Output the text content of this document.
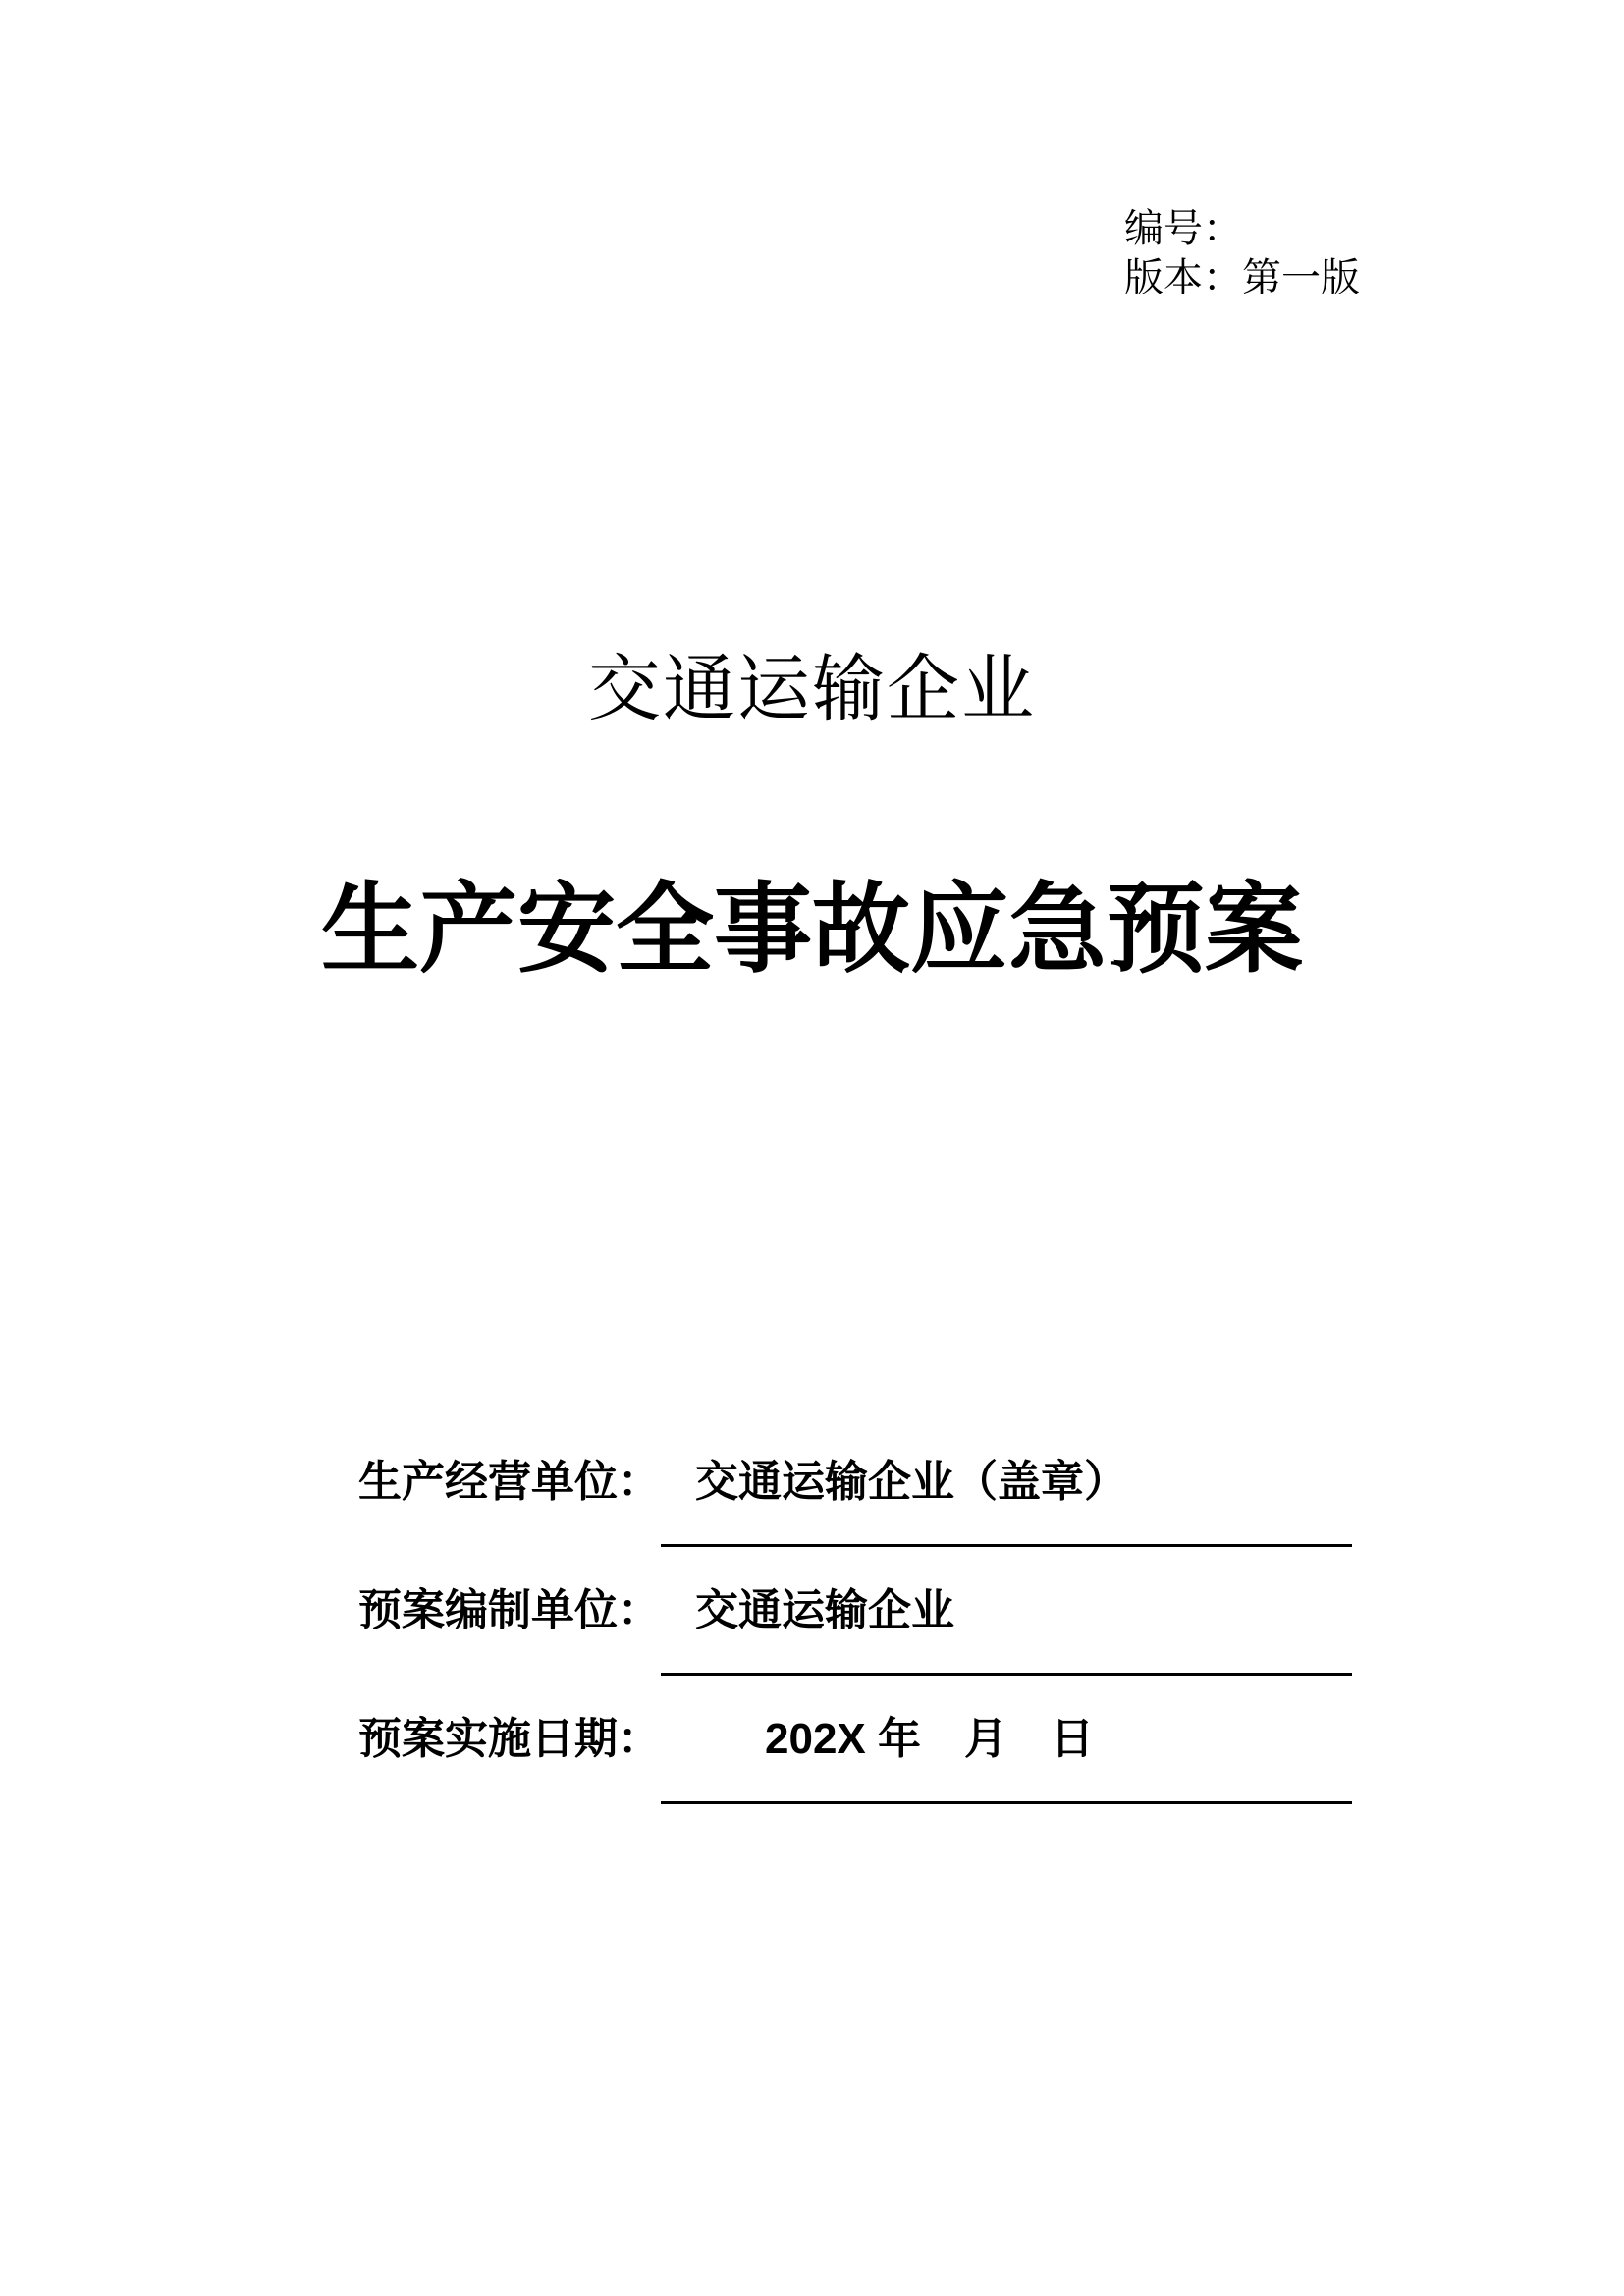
编号：
版本：第一版
交通运输企业
生产安全事故应急预案
生产经营单位： 交通运输企业（盖章）
预案编制单位： 交通运输企业
预案实施日期： 202X 年　月　日
